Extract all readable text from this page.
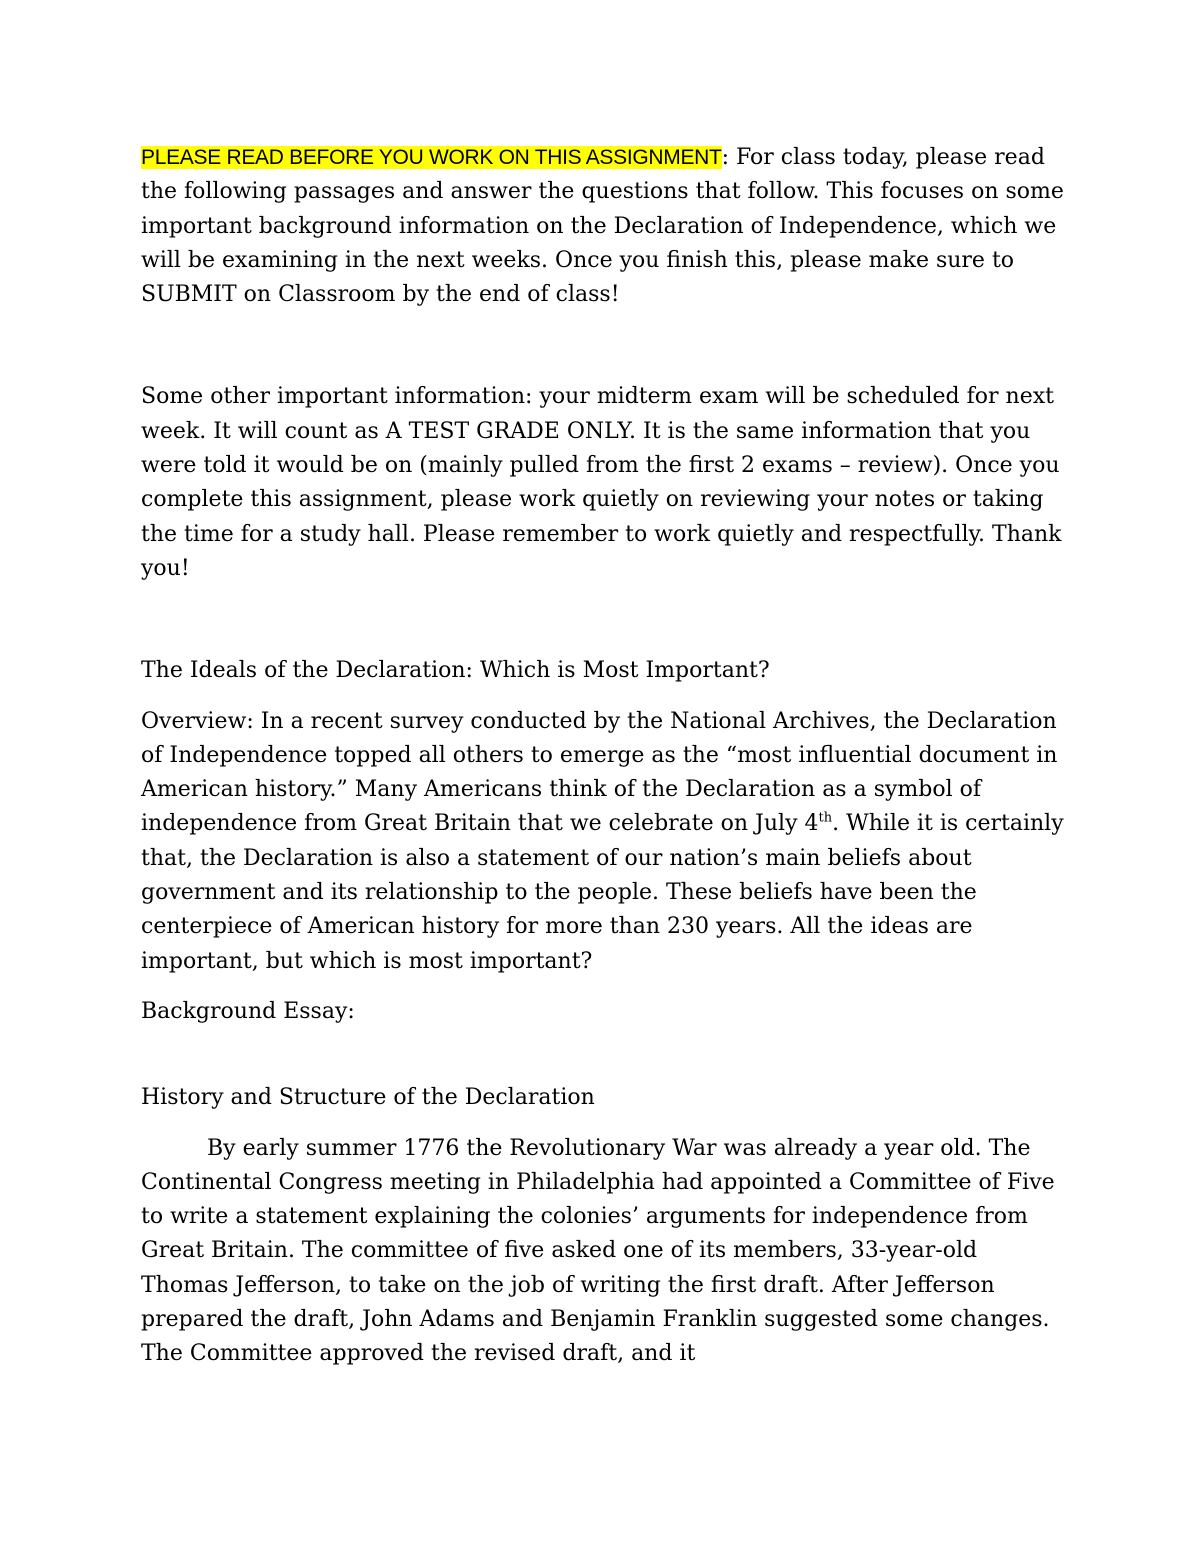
PLEASE READ BEFORE YOU WORK ON THIS ASSIGNMENT: For class today, please read the following passages and answer the questions that follow. This focuses on some important background information on the Declaration of Independence, which we will be examining in the next weeks. Once you finish this, please make sure to SUBMIT on Classroom by the end of class!

Some other important information: your midterm exam will be scheduled for next week. It will count as A TEST GRADE ONLY. It is the same information that you were told it would be on (mainly pulled from the first 2 exams – review). Once you complete this assignment, please work quietly on reviewing your notes or taking the time for a study hall. Please remember to work quietly and respectfully. Thank you!

The Ideals of the Declaration: Which is Most Important?

Overview: In a recent survey conducted by the National Archives, the Declaration of Independence topped all others to emerge as the “most influential document in American history.” Many Americans think of the Declaration as a symbol of independence from Great Britain that we celebrate on July 4th. While it is certainly that, the Declaration is also a statement of our nation’s main beliefs about government and its relationship to the people. These beliefs have been the centerpiece of American history for more than 230 years. All the ideas are important, but which is most important?

Background Essay:

History and Structure of the Declaration

By early summer 1776 the Revolutionary War was already a year old. The Continental Congress meeting in Philadelphia had appointed a Committee of Five to write a statement explaining the colonies’ arguments for independence from Great Britain. The committee of five asked one of its members, 33-year-old Thomas Jefferson, to take on the job of writing the first draft. After Jefferson prepared the draft, John Adams and Benjamin Franklin suggested some changes. The Committee approved the revised draft, and it
